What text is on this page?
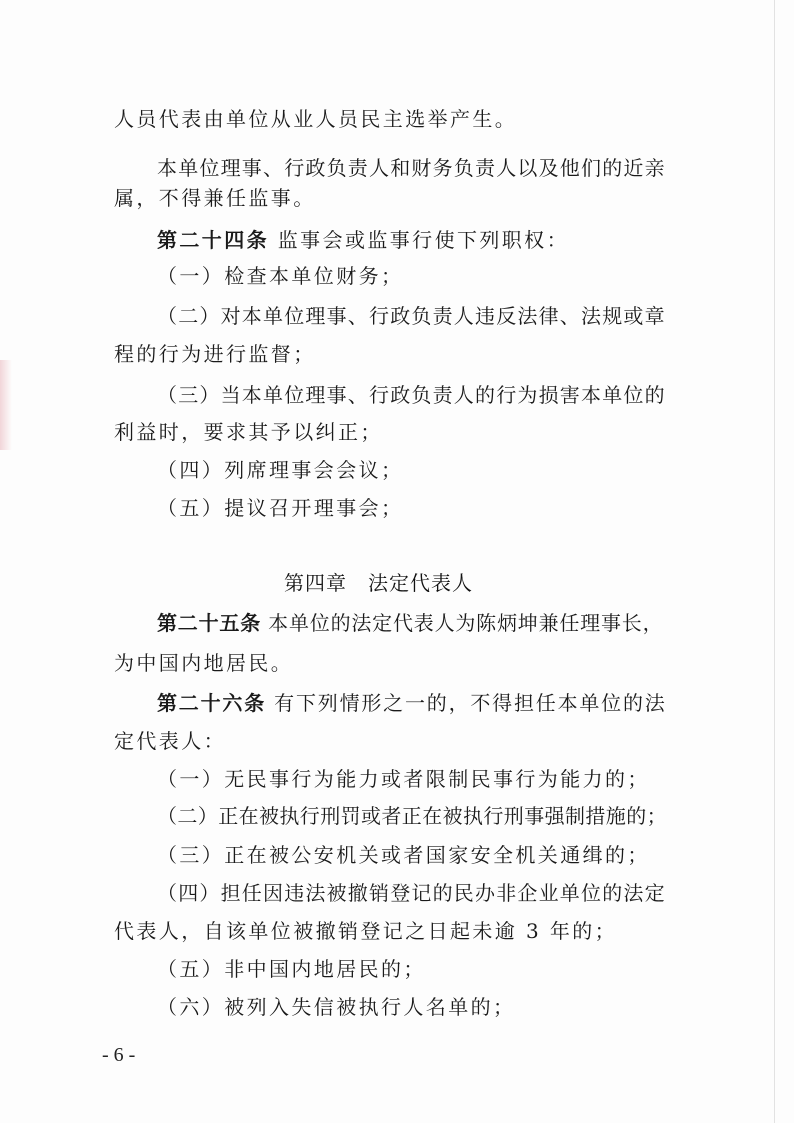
人员代表由单位从业人员民主选举产生。
本单位理事、行政负责人和财务负责人以及他们的近亲
属，不得兼任监事。
第二十四条 监事会或监事行使下列职权：
（一）检查本单位财务；
（二）对本单位理事、行政负责人违反法律、法规或章
程的行为进行监督；
（三）当本单位理事、行政负责人的行为损害本单位的
利益时，要求其予以纠正；
（四）列席理事会会议；
（五）提议召开理事会；
第四章　法定代表人
第二十五条 本单位的法定代表人为陈炳坤兼任理事长，
为中国内地居民。
第二十六条 有下列情形之一的，不得担任本单位的法
定代表人：
（一）无民事行为能力或者限制民事行为能力的；
（二）正在被执行刑罚或者正在被执行刑事强制措施的；
（三）正在被公安机关或者国家安全机关通缉的；
（四）担任因违法被撤销登记的民办非企业单位的法定
代表人，自该单位被撤销登记之日起未逾 3 年的；
（五）非中国内地居民的；
（六）被列入失信被执行人名单的；
- 6 -
